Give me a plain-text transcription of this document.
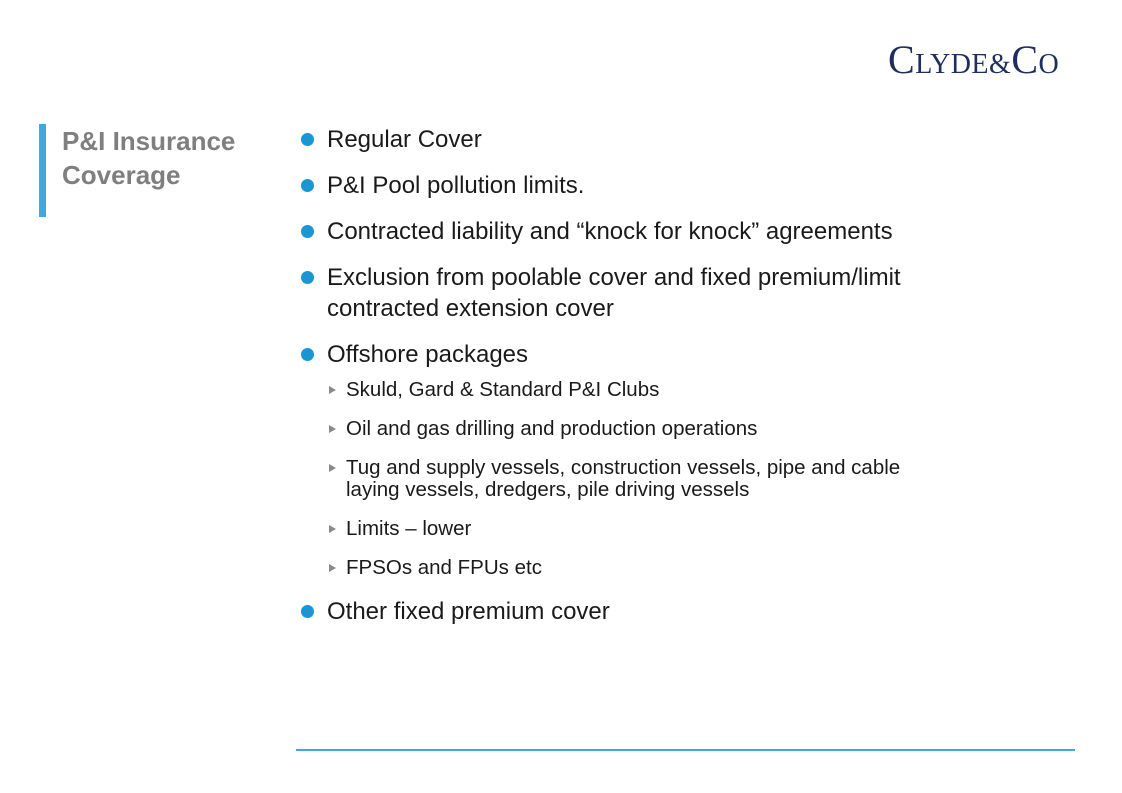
CLYDE&CO
P&I Insurance Coverage
Regular Cover
P&I Pool pollution limits.
Contracted liability and “knock for knock” agreements
Exclusion from poolable cover and fixed premium/limit contracted extension cover
Offshore packages
Skuld, Gard & Standard P&I Clubs
Oil and gas drilling and production operations
Tug and supply vessels, construction vessels, pipe and cable laying vessels, dredgers, pile driving vessels
Limits – lower
FPSOs and FPUs etc
Other fixed premium cover
